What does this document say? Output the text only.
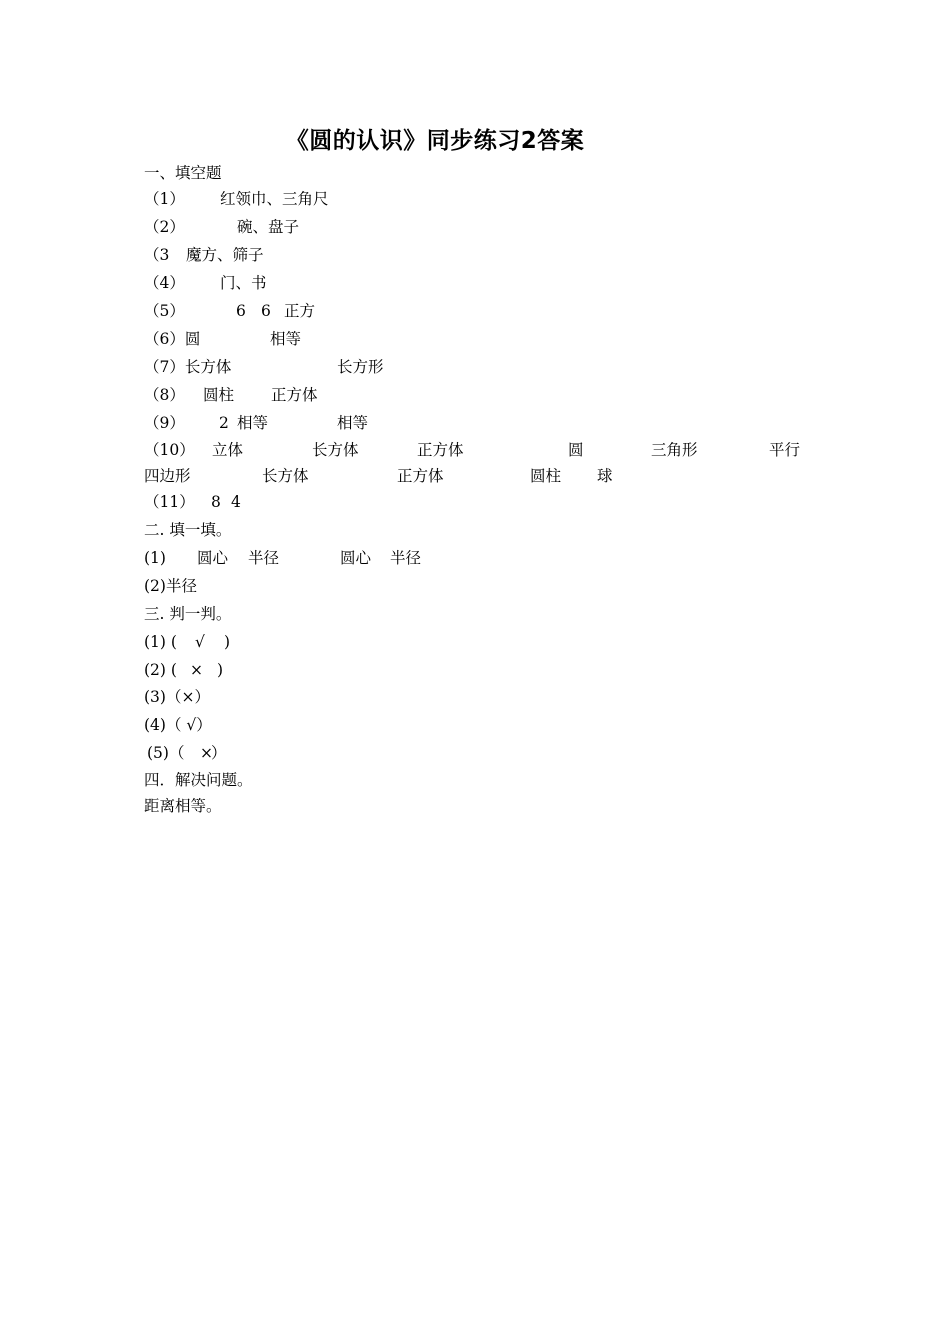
《圆的认识》同步练习2答案
一、填空题
（1） 红领巾、三角尺
（2）	碗、盘子
（3 魔方、筛子
（4） 门、书
（5）	6 6 正方
（6）圆	相等
（7）长方体	长方形
（8） 圆柱 正方体
（9） 2 相等	相等
（10） 立体	长方体	正方体	圆	三角形	平行
四边形	长方体	正方体	圆柱 球
（11） 8 4
二. 填一填。
(1) 圆心 半径	圆心 半径
(2)半径
三. 判一判。
(1) ( √ )
(2) ( × )
(3)（×）
(4)（ √）
(5)（ ×
）
四．解决问题。
距离相等。
